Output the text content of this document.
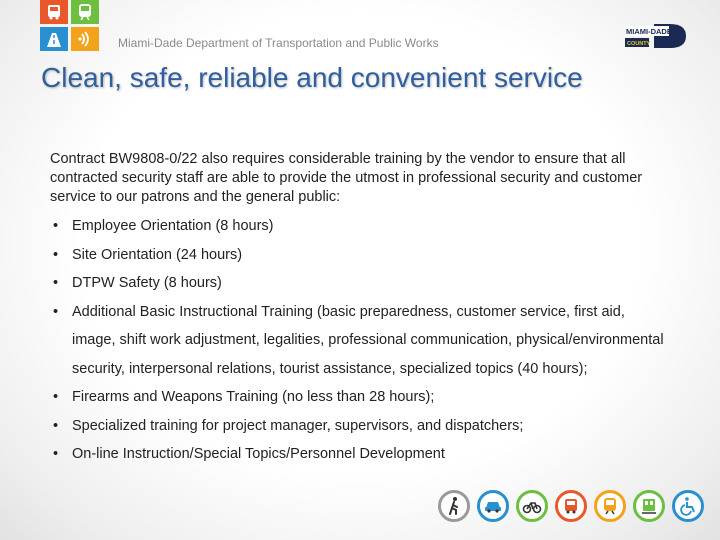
Miami-Dade Department of Transportation and Public Works
MIAMI-DADE
COUNTY
Clean, safe, reliable and convenient service

Contract BW9808-0/22 also requires considerable training by the vendor to ensure that all contracted security staff are able to provide the utmost in professional security and customer service to our patrons and the general public:

• Employee Orientation (8 hours)
• Site Orientation (24 hours)
• DTPW Safety (8 hours)
• Additional Basic Instructional Training (basic preparedness, customer service, first aid, image, shift work adjustment, legalities, professional communication, physical/environmental security, interpersonal relations, tourist assistance, specialized topics (40 hours);
• Firearms and Weapons Training (no less than 28 hours);
• Specialized training for project manager, supervisors, and dispatchers;
• On-line Instruction/Special Topics/Personnel Development
